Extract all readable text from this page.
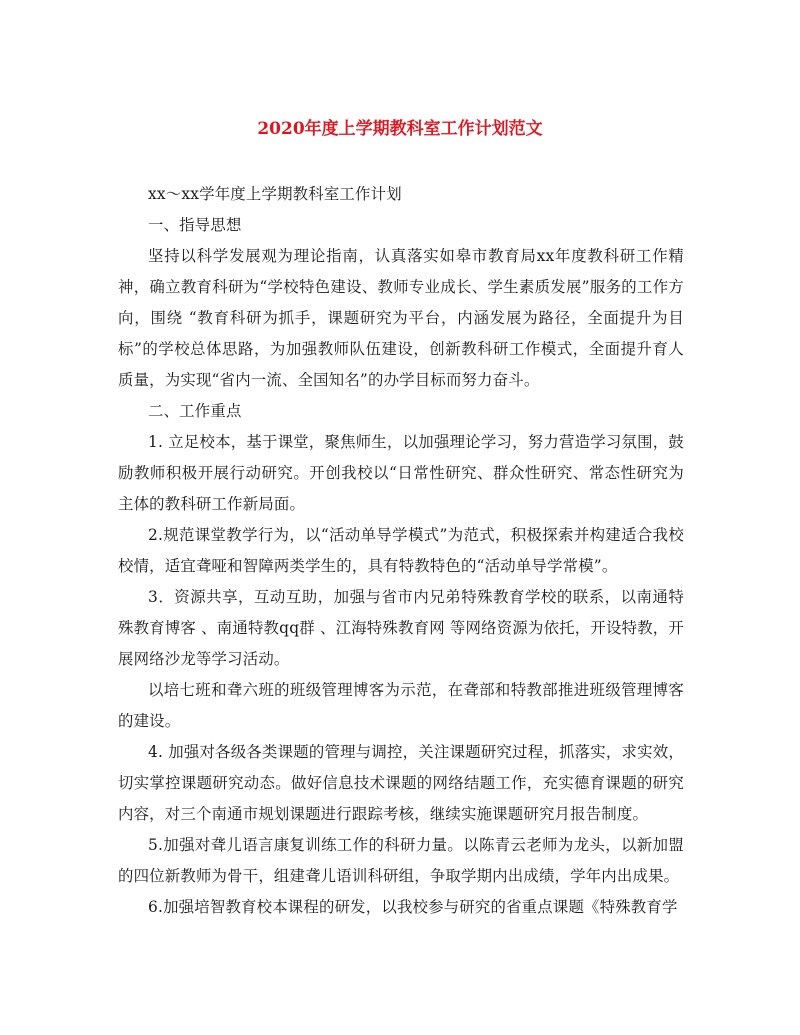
2020年度上学期教科室工作计划范文

xx～xx学年度上学期教科室工作计划

一、指导思想

坚持以科学发展观为理论指南，认真落实如皋市教育局xx年度教科研工作精神，确立教育科研为“学校特色建设、教师专业成长、学生素质发展”服务的工作方向，围绕 “教育科研为抓手，课题研究为平台，内涵发展为路径，全面提升为目标”的学校总体思路，为加强教师队伍建设，创新教科研工作模式，全面提升育人质量，为实现“省内一流、全国知名”的办学目标而努力奋斗。

二、工作重点

1. 立足校本，基于课堂，聚焦师生，以加强理论学习，努力营造学习氛围，鼓励教师积极开展行动研究。开创我校以“日常性研究、群众性研究、常态性研究为主体的教科研工作新局面。

2.规范课堂教学行为，以“活动单导学模式”为范式，积极探索并构建适合我校校情，适宜聋哑和智障两类学生的，具有特教特色的“活动单导学常模”。

3．资源共享，互动互助，加强与省市内兄弟特殊教育学校的联系，以南通特殊教育博客 、南通特教qq群 、江海特殊教育网 等网络资源为依托，开设特教，开展网络沙龙等学习活动。

以培七班和聋六班的班级管理博客为示范，在聋部和特教部推进班级管理博客的建设。

4. 加强对各级各类课题的管理与调控，关注课题研究过程，抓落实，求实效，切实掌控课题研究动态。做好信息技术课题的网络结题工作，充实德育课题的研究内容，对三个南通市规划课题进行跟踪考核，继续实施课题研究月报告制度。

5.加强对聋儿语言康复训练工作的科研力量。以陈青云老师为龙头，以新加盟的四位新教师为骨干，组建聋儿语训科研组，争取学期内出成绩，学年内出成果。

6.加强培智教育校本课程的研发，以我校参与研究的省重点课题《特殊教育学
